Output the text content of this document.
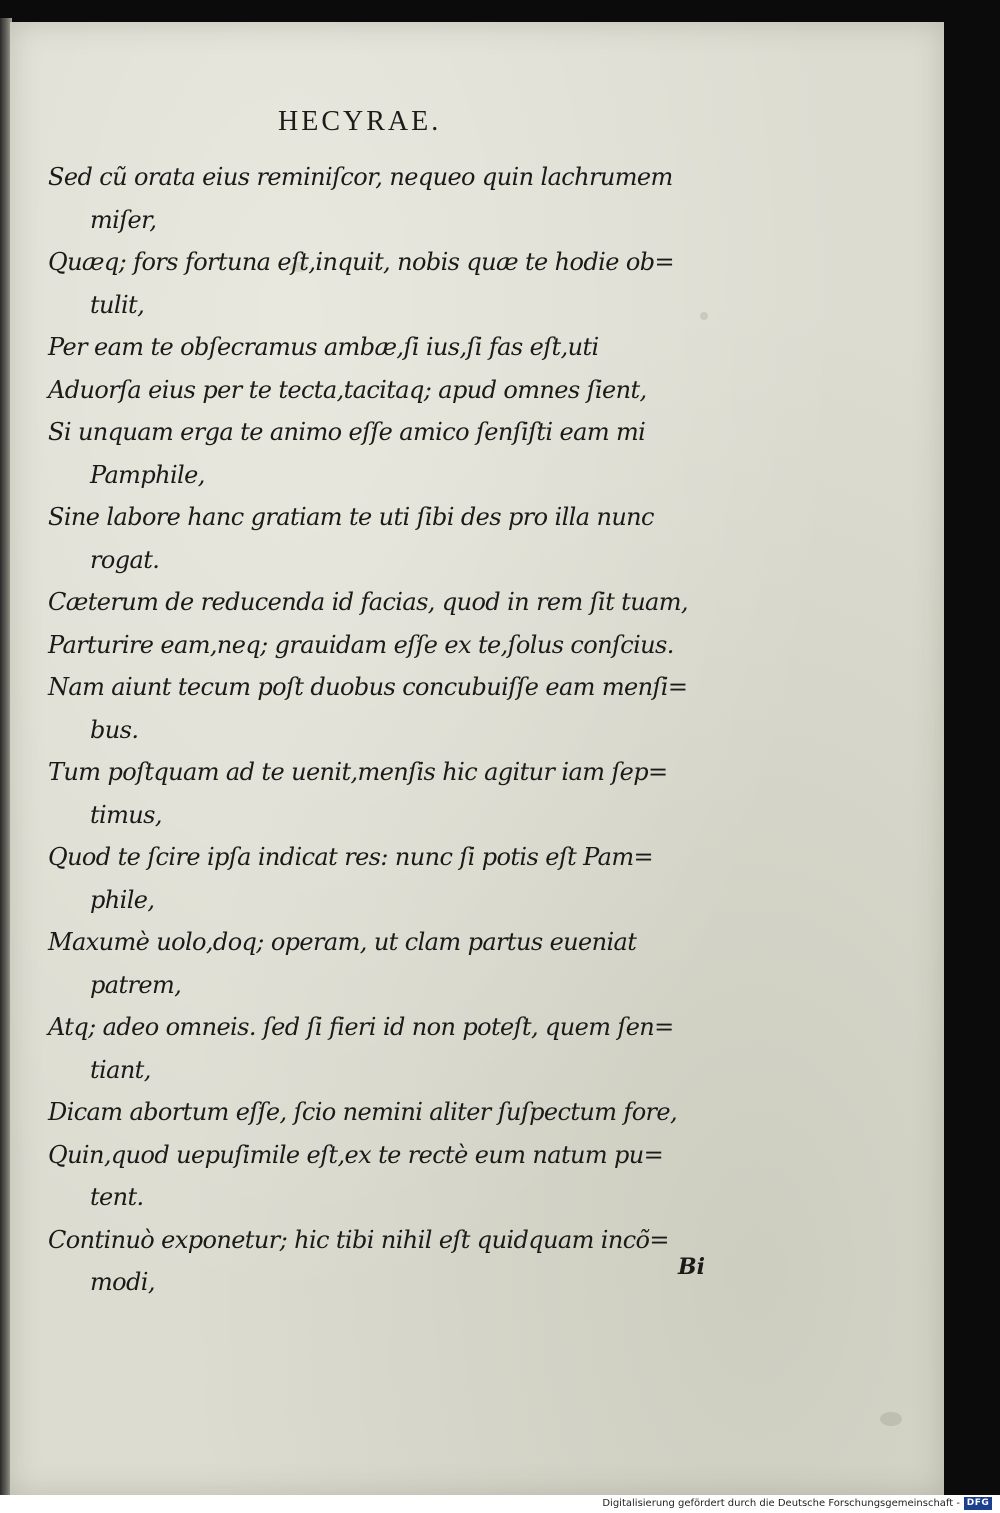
HECYRAE.
Sed cũ orata eius reminiſcor, nequeo quin lachrumem
miſer,
Quæq; fors fortuna eſt,inquit, nobis quæ te hodie ob=
tulit,
Per eam te obſecramus ambæ,ſi ius,ſi fas eſt,uti
Aduorſa eius per te tecta,tacitaq; apud omnes ſient,
Si unquam erga te animo eſſe amico ſenſiſti eam mi
Pamphile,
Sine labore hanc gratiam te uti ſibi des pro illa nunc
rogat.
Cæterum de reducenda id facias, quod in rem ſit tuam,
Parturire eam,neq; grauidam eſſe ex te,ſolus conſcius.
Nam aiunt tecum poſt duobus concubuiſſe eam menſi=
bus.
Tum poſtquam ad te uenit,menſis hic agitur iam ſep=
timus,
Quod te ſcire ipſa indicat res: nunc ſi potis eſt Pam=
phile,
Maxumè uolo,doq; operam, ut clam partus eueniat
patrem,
Atq; adeo omneis. ſed ſi fieri id non poteſt, quem ſen=
tiant,
Dicam abortum eſſe, ſcio nemini aliter ſuſpectum fore,
Quin,quod uериſimile eſt,ex te rectè eum natum pu=
tent.
Continuò exponetur; hic tibi nihil eſt quidquam incõ=
modi,
Bi
Digitalisierung gefördert durch die Deutsche Forschungsgemeinschaft - DFG
